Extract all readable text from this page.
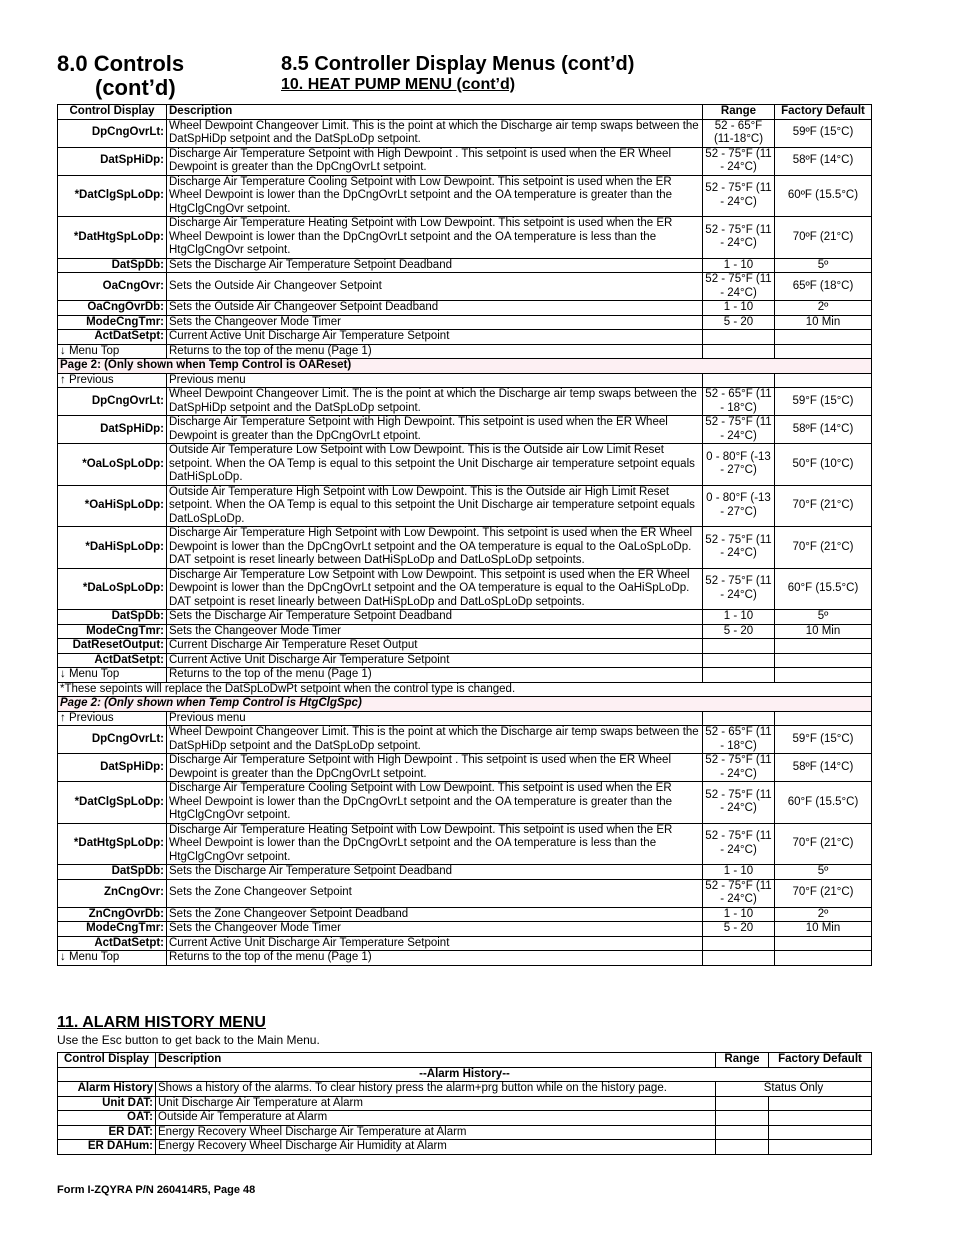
8.0 Controls
(cont’d)
8.5 Controller Display Menus (cont’d)
10. HEAT PUMP MENU (cont’d)
Control Display	Description	Range	Factory Default
DpCngOvrLt:	Wheel Dewpoint Changeover Limit. This is the point at which the Discharge air temp swaps between the DatSpHiDp setpoint and the DatSpLoDp setpoint.	52 - 65°F (11-18°C)	59ºF (15°C)
DatSpHiDp:	Discharge Air Temperature Setpoint with High Dewpoint . This setpoint is used when the ER Wheel Dewpoint is greater than the DpCngOvrLt setpoint.	52 - 75°F (11 - 24°C)	58ºF (14°C)
*DatClgSpLoDp:	Discharge Air Temperature Cooling Setpoint with Low Dewpoint. This setpoint is used when the ER Wheel Dewpoint is lower than the DpCngOvrLt setpoint and the OA temperature is greater than the HtgClgCngOvr setpoint.	52 - 75°F (11 - 24°C)	60ºF (15.5°C)
*DatHtgSpLoDp:	Discharge Air Temperature Heating Setpoint with Low Dewpoint. This setpoint is used when the ER Wheel Dewpoint is lower than the DpCngOvrLt setpoint and the OA temperature is less than the HtgClgCngOvr setpoint.	52 - 75°F (11 - 24°C)	70ºF (21°C)
DatSpDb:	Sets the Discharge Air Temperature Setpoint Deadband	1 - 10	5º
OaCngOvr:	Sets the Outside Air Changeover Setpoint	52 - 75°F (11 - 24°C)	65ºF (18°C)
OaCngOvrDb:	Sets the Outside Air Changeover Setpoint Deadband	1 - 10	2º
ModeCngTmr:	Sets the Changeover Mode Timer	5 - 20	10 Min
ActDatSetpt:	Current Active Unit Discharge Air Temperature Setpoint		
↓ Menu Top	Returns to the top of the menu (Page 1)		
Page 2: (Only shown when Temp Control is OAReset)			
↑ Previous	Previous menu		
DpCngOvrLt:	Wheel Dewpoint Changeover Limit. The is the point at which the Discharge air temp swaps between the DatSpHiDp setpoint and the DatSpLoDp setpoint.	52 - 65°F (11 - 18°C)	59°F (15°C)
DatSpHiDp:	Discharge Air Temperature Setpoint with High Dewpoint. This setpoint is used when the ER Wheel Dewpoint is greater than the DpCngOvrLt etpoint.	52 - 75°F (11 - 24°C)	58ºF (14°C)
*OaLoSpLoDp:	Outside Air Temperature Low Setpoint with Low Dewpoint. This is the Outside air Low Limit Reset setpoint. When the OA Temp is equal to this setpoint the Unit Discharge air temperature setpoint equals DatHiSpLoDp.	0 - 80°F (-13 - 27°C)	50°F (10°C)
*OaHiSpLoDp:	Outside Air Temperature High Setpoint with Low Dewpoint. This is the Outside air High Limit Reset setpoint. When the OA Temp is equal to this setpoint the Unit Discharge air temperature setpoint equals DatLoSpLoDp.	0 - 80°F (-13 - 27°C)	70°F (21°C)
*DaHiSpLoDp:	Discharge Air Temperature High Setpoint with Low Dewpoint. This setpoint is used when the ER Wheel Dewpoint is lower than the DpCngOvrLt setpoint and the OA temperature is equal to the OaLoSpLoDp. DAT setpoint is reset linearly between DatHiSpLoDp and DatLoSpLoDp setpoints.	52 - 75°F (11 - 24°C)	70°F (21°C)
*DaLoSpLoDp:	Discharge Air Temperature Low Setpoint with Low Dewpoint. This setpoint is used when the ER Wheel Dewpoint is lower than the DpCngOvrLt setpoint and the OA temperature is equal to the OaHiSpLoDp. DAT setpoint is reset linearly between DatHiSpLoDp and DatLoSpLoDp setpoints.	52 - 75°F (11 - 24°C)	60°F (15.5°C)
DatSpDb:	Sets the Discharge Air Temperature Setpoint Deadband	1 - 10	5º
ModeCngTmr:	Sets the Changeover Mode Timer	5 - 20	10 Min
DatResetOutput:	Current Discharge Air Temperature Reset Output		
ActDatSetpt:	Current Active Unit Discharge Air Temperature Setpoint		
↓ Menu Top	Returns to the top of the menu (Page 1)		
*These sepoints will replace the DatSpLoDwPt setpoint when the control type is changed.			
Page 2: (Only shown when Temp Control is HtgClgSpc)			
↑ Previous	Previous menu		
DpCngOvrLt:	Wheel Dewpoint Changeover Limit. This is the point at which the Discharge air temp swaps between the DatSpHiDp setpoint and the DatSpLoDp setpoint.	52 - 65°F (11 - 18°C)	59°F (15°C)
DatSpHiDp:	Discharge Air Temperature Setpoint with High Dewpoint . This setpoint is used when the ER Wheel Dewpoint is greater than the DpCngOvrLt setpoint.	52 - 75°F (11 - 24°C)	58ºF (14°C)
*DatClgSpLoDp:	Discharge Air Temperature Cooling Setpoint with Low Dewpoint. This setpoint is used when the ER Wheel Dewpoint is lower than the DpCngOvrLt setpoint and the OA temperature is greater than the HtgClgCngOvr setpoint.	52 - 75°F (11 - 24°C)	60°F (15.5°C)
*DatHtgSpLoDp:	Discharge Air Temperature Heating Setpoint with Low Dewpoint. This setpoint is used when the ER Wheel Dewpoint is lower than the DpCngOvrLt setpoint and the OA temperature is less than the HtgClgCngOvr setpoint.	52 - 75°F (11 - 24°C)	70°F (21°C)
DatSpDb:	Sets the Discharge Air Temperature Setpoint Deadband	1 - 10	5º
ZnCngOvr:	Sets the Zone Changeover Setpoint	52 - 75°F (11 - 24°C)	70°F (21°C)
ZnCngOvrDb:	Sets the Zone Changeover Setpoint Deadband	1 - 10	2º
ModeCngTmr:	Sets the Changeover Mode Timer	5 - 20	10 Min
ActDatSetpt:	Current Active Unit Discharge Air Temperature Setpoint		
↓ Menu Top	Returns to the top of the menu (Page 1)		
11. ALARM HISTORY MENU
Use the Esc button to get back to the Main Menu.
Control Display	Description	Range	Factory Default
--Alarm History--			
Alarm History	Shows a history of the alarms. To clear history press the alarm+prg button while on the history page.	Status Only	
Unit DAT:	Unit Discharge Air Temperature at Alarm		
OAT:	Outside Air Temperature at Alarm		
ER DAT:	Energy Recovery Wheel Discharge Air Temperature at Alarm		
ER DAHum:	Energy Recovery Wheel Discharge Air Humidity at Alarm		
Form I-ZQYRA P/N 260414R5, Page 48
